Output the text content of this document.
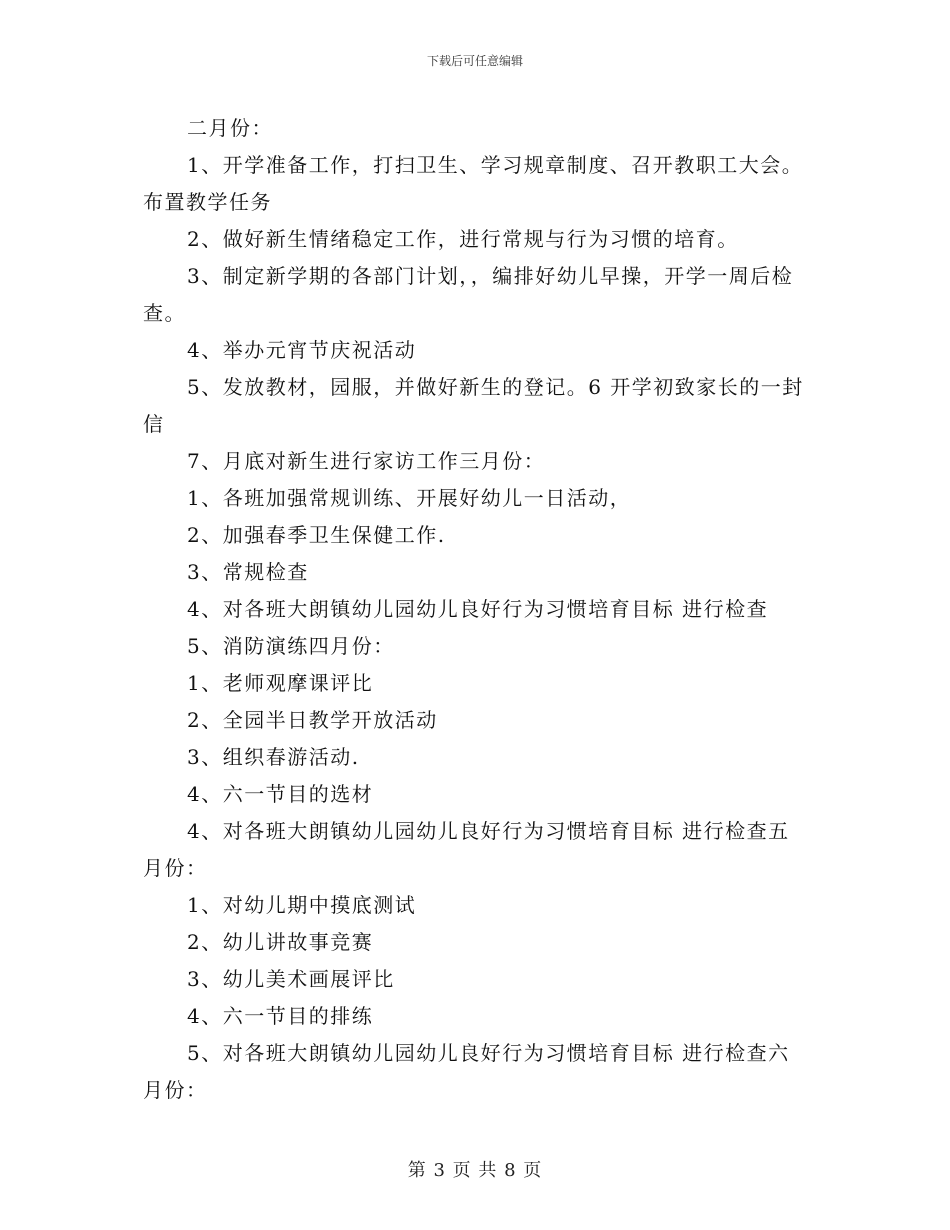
下载后可任意编辑
二月份：
1、开学准备工作，打扫卫生、学习规章制度、召开教职工大会。
布置教学任务
2、做好新生情绪稳定工作，进行常规与行为习惯的培育。
3、制定新学期的各部门计划，，编排好幼儿早操，开学一周后检
查。
4、举办元宵节庆祝活动
5、发放教材，园服，并做好新生的登记。6 开学初致家长的一封
信
7、月底对新生进行家访工作三月份：
1、各班加强常规训练、开展好幼儿一日活动，
2、加强春季卫生保健工作.
3、常规检查
4、对各班大朗镇幼儿园幼儿良好行为习惯培育目标 进行检查
5、消防演练四月份：
1、老师观摩课评比
2、全园半日教学开放活动
3、组织春游活动.
4、六一节目的选材
4、对各班大朗镇幼儿园幼儿良好行为习惯培育目标 进行检查五
月份：
1、对幼儿期中摸底测试
2、幼儿讲故事竞赛
3、幼儿美术画展评比
4、六一节目的排练
5、对各班大朗镇幼儿园幼儿良好行为习惯培育目标 进行检查六
月份：
第 3 页 共 8 页
